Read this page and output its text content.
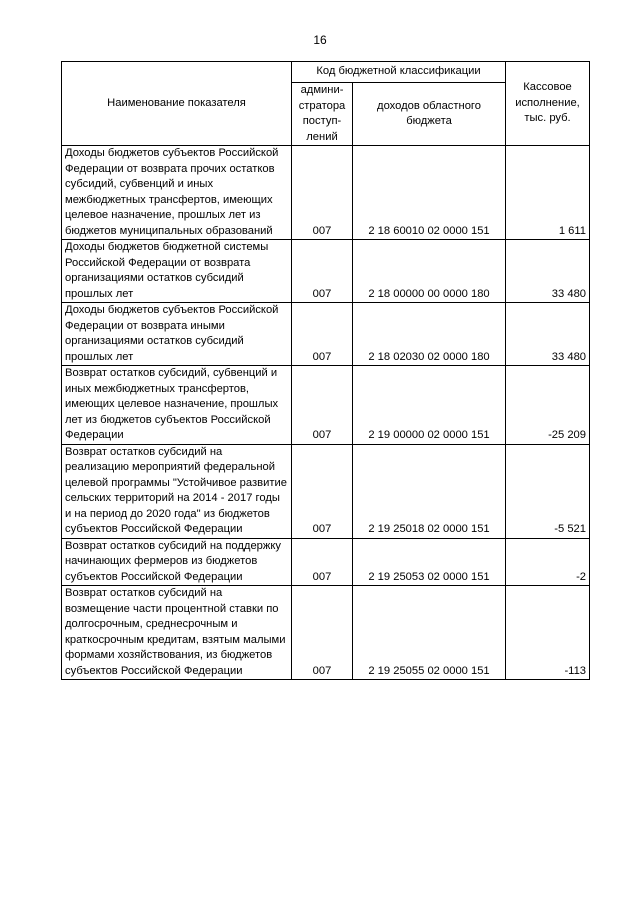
16
Наименование показателя	Код бюджетной классификации		Кассовое исполнение, тыс. руб.
	админи-стратора поступ-лений	доходов областного бюджета	
Доходы бюджетов субъектов Российской Федерации от возврата прочих остатков субсидий, субвенций и иных межбюджетных трансфертов, имеющих целевое назначение, прошлых лет из бюджетов муниципальных образований	007	2 18 60010 02 0000 151	1 611
Доходы бюджетов бюджетной системы Российской Федерации от возврата организациями остатков субсидий прошлых лет	007	2 18 00000 00 0000 180	33 480
Доходы бюджетов субъектов Российской Федерации от возврата иными организациями остатков субсидий прошлых лет	007	2 18 02030 02 0000 180	33 480
Возврат остатков субсидий, субвенций и иных межбюджетных трансфертов, имеющих целевое назначение, прошлых лет из бюджетов субъектов Российской Федерации	007	2 19 00000 02 0000 151	-25 209
Возврат остатков субсидий на реализацию мероприятий федеральной целевой программы "Устойчивое развитие сельских территорий на 2014 - 2017 годы и на период до 2020 года" из бюджетов субъектов Российской Федерации	007	2 19 25018 02 0000 151	-5 521
Возврат остатков субсидий на поддержку начинающих фермеров из бюджетов субъектов Российской Федерации	007	2 19 25053 02 0000 151	-2
Возврат остатков субсидий на возмещение части процентной ставки по долгосрочным, среднесрочным и краткосрочным кредитам, взятым малыми формами хозяйствования, из бюджетов субъектов Российской Федерации	007	2 19 25055 02 0000 151	-113
